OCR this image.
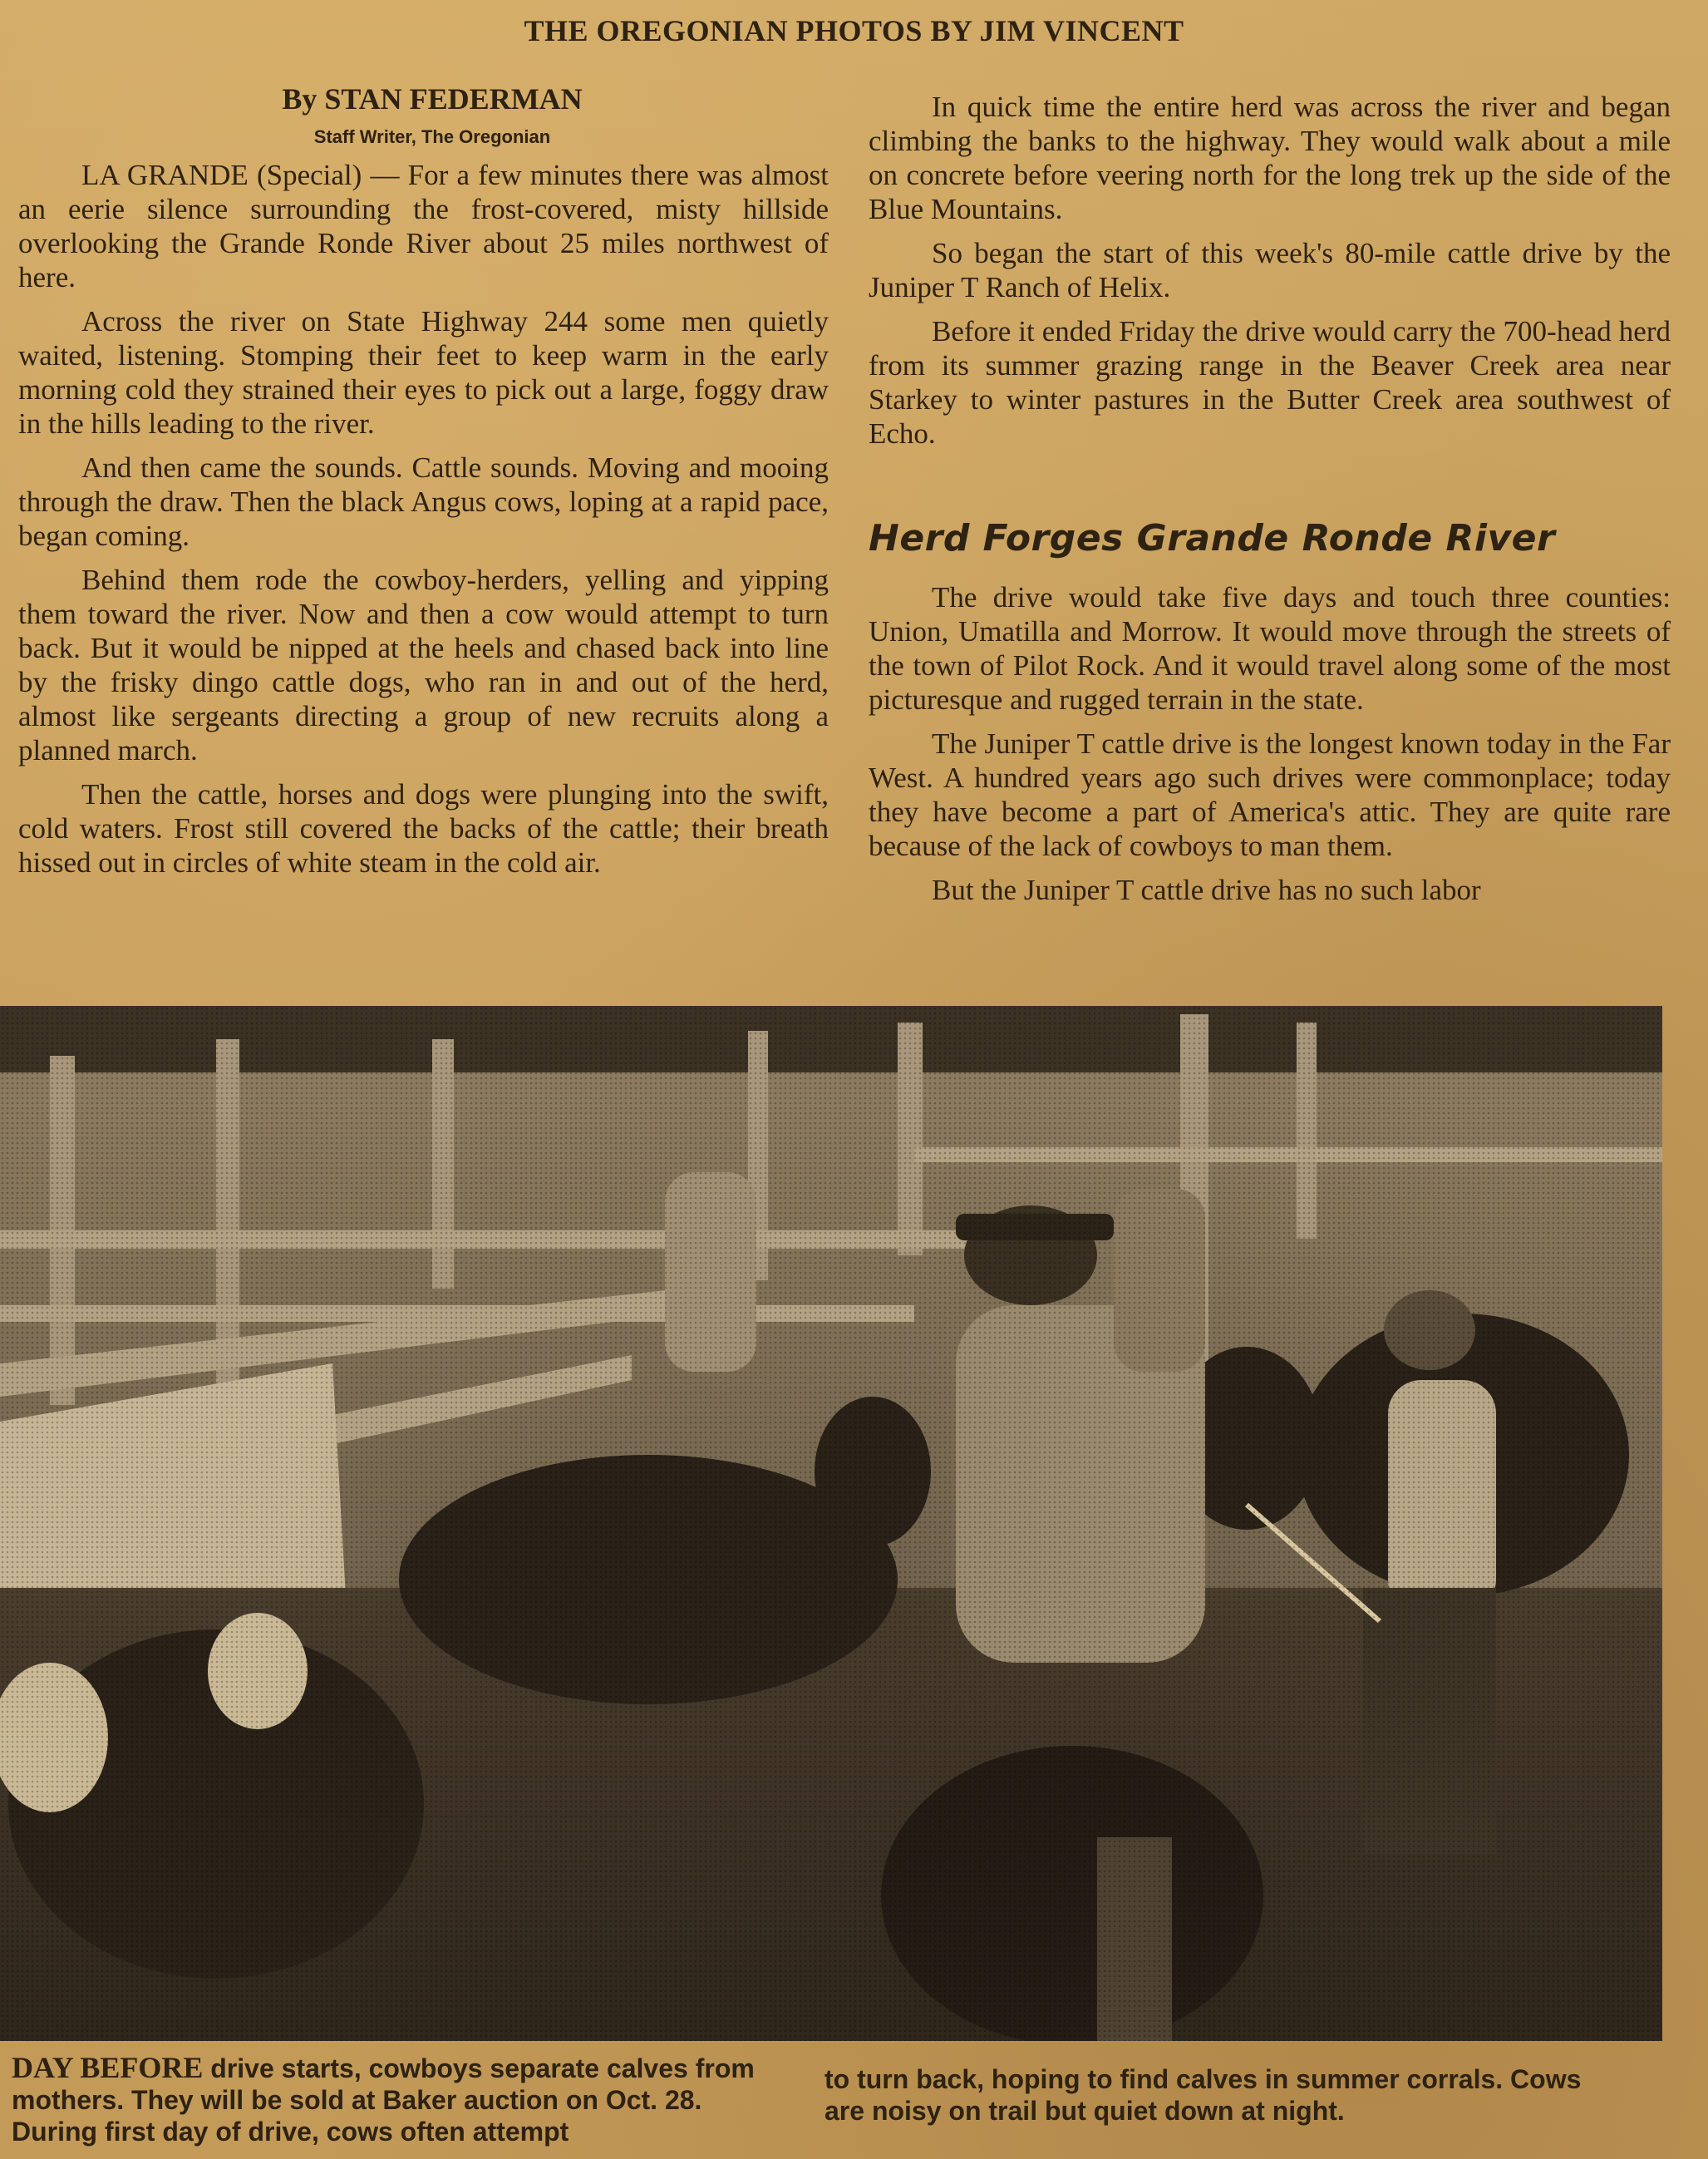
THE OREGONIAN PHOTOS BY JIM VINCENT
By STAN FEDERMAN
Staff Writer, The Oregonian

LA GRANDE (Special) — For a few minutes there was almost an eerie silence surrounding the frost-covered, misty hillside overlooking the Grande Ronde River about 25 miles northwest of here.

Across the river on State Highway 244 some men quietly waited, listening. Stomping their feet to keep warm in the early morning cold they strained their eyes to pick out a large, foggy draw in the hills leading to the river.

And then came the sounds. Cattle sounds. Moving and mooing through the draw. Then the black Angus cows, loping at a rapid pace, began coming.

Behind them rode the cowboy-herders, yelling and yipping them toward the river. Now and then a cow would attempt to turn back. But it would be nipped at the heels and chased back into line by the frisky dingo cattle dogs, who ran in and out of the herd, almost like sergeants directing a group of new recruits along a planned march.

Then the cattle, horses and dogs were plunging into the swift, cold waters. Frost still covered the backs of the cattle; their breath hissed out in circles of white steam in the cold air.

In quick time the entire herd was across the river and began climbing the banks to the highway. They would walk about a mile on concrete before veering north for the long trek up the side of the Blue Mountains.

So began the start of this week's 80-mile cattle drive by the Juniper T Ranch of Helix.

Before it ended Friday the drive would carry the 700-head herd from its summer grazing range in the Beaver Creek area near Starkey to winter pastures in the Butter Creek area southwest of Echo.

Herd Forges Grande Ronde River

The drive would take five days and touch three counties: Union, Umatilla and Morrow. It would move through the streets of the town of Pilot Rock. And it would travel along some of the most picturesque and rugged terrain in the state.

The Juniper T cattle drive is the longest known today in the Far West. A hundred years ago such drives were commonplace; today they have become a part of America's attic. They are quite rare because of the lack of cowboys to man them.

But the Juniper T cattle drive has no such labor

DAY BEFORE drive starts, cowboys separate calves from mothers. They will be sold at Baker auction on Oct. 28. During first day of drive, cows often attempt
to turn back, hoping to find calves in summer corrals. Cows are noisy on trail but quiet down at night.
